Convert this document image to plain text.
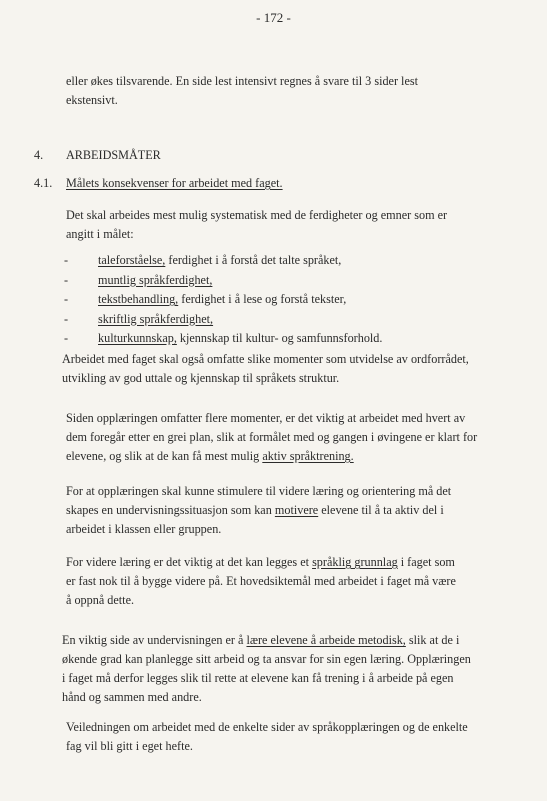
- 172 -
eller økes tilsvarende. En side lest intensivt regnes å svare til 3 sider lest
ekstensivt.
4. ARBEIDSMÅTER
4.1. Målets konsekvenser for arbeidet med faget.
Det skal arbeides mest mulig systematisk med de ferdigheter og emner som er
angitt i målet:
- taleforståelse, ferdighet i å forstå det talte språket,
- muntlig språkferdighet,
- tekstbehandling, ferdighet i å lese og forstå tekster,
- skriftlig språkferdighet,
- kulturkunnskap, kjennskap til kultur- og samfunnsforhold.
Arbeidet med faget skal også omfatte slike momenter som utvidelse av ordforrådet,
utvikling av god uttale og kjennskap til språkets struktur.
Siden opplæringen omfatter flere momenter, er det viktig at arbeidet med hvert av
dem foregår etter en grei plan, slik at formålet med og gangen i øvingene er klart for
elevene, og slik at de kan få mest mulig aktiv språktrening.
For at opplæringen skal kunne stimulere til videre læring og orientering må det
skapes en undervisningssituasjon som kan motivere elevene til å ta aktiv del i
arbeidet i klassen eller gruppen.
For videre læring er det viktig at det kan legges et språklig grunnlag i faget som
er fast nok til å bygge videre på. Et hovedsiktemål med arbeidet i faget må være
å oppnå dette.
En viktig side av undervisningen er å lære elevene å arbeide metodisk, slik at de i
økende grad kan planlegge sitt arbeid og ta ansvar for sin egen læring. Opplæringen
i faget må derfor legges slik til rette at elevene kan få trening i å arbeide på egen
hånd og sammen med andre.
Veiledningen om arbeidet med de enkelte sider av språkopplæringen og de enkelte
fag vil bli gitt i eget hefte.
